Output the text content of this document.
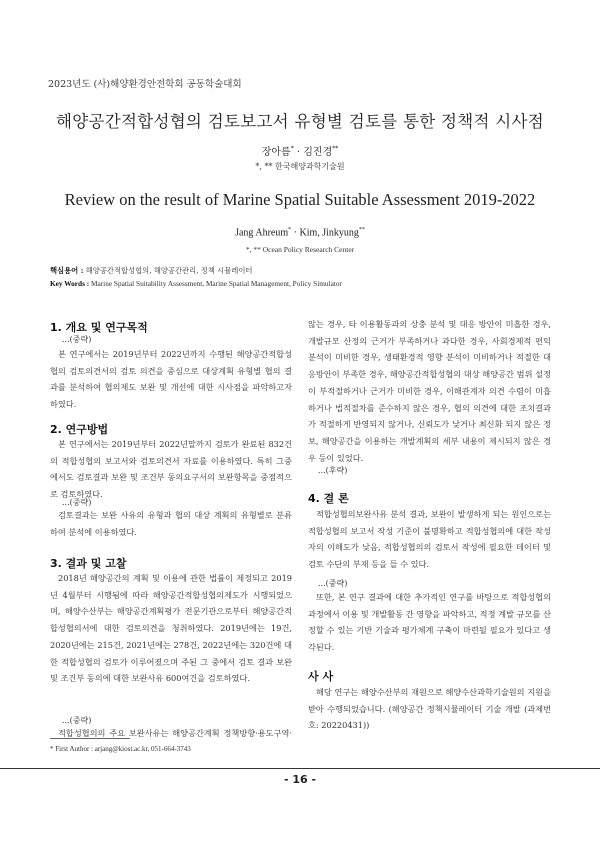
2023년도 (사)해양환경안전학회 공동학술대회
해양공간적합성협의 검토보고서 유형별 검토를 통한 정책적 시사점
장아름* · 김진경**
*, ** 한국해양과학기술원
Review on the result of Marine Spatial Suitable Assessment 2019-2022
Jang Ahreum* · Kim, Jinkyung**
*, ** Ocean Policy Research Center
핵심용어 : 해양공간적합성협의, 해양공간관리, 정책 시뮬레이터
Key Words : Marine Spatial Suitability Assessment, Marine Spatial Management, Policy Simulator
1. 개요 및 연구목적
...(중략)
본 연구에서는 2019년부터 2022년까지 수행된 해양공간적합성협의 검토의견서의 검토 의견을 중심으로 대상계획 유형별 협의 결과를 분석하여 협의제도 보완 및 개선에 대한 시사점을 파악하고자 하였다.
2. 연구방법
본 연구에서는 2019년부터 2022년말까지 검토가 완료된 832건의 적합성협의 보고서와 검토의견서 자료를 이용하였다. 특히 그중에서도 검토결과 보완 및 조건부 동의요구서의 보완항목을 중점적으로 검토하였다.
...(중략)
검토결과는 보완 사유의 유형과 협의 대상 계획의 유형별로 분류하여 분석에 이용하였다.
3. 결과 및 고찰
2018년 해양공간의 계획 및 이용에 관한 법률이 제정되고 2019년 4월부터 시행됨에 따라 해양공간적합성협의제도가 시행되었으며, 해양수산부는 해양공간계획평가 전문기관으로부터 해양공간적합성협의서에 대한 검토의견을 청취하였다. 2019년에는 19건, 2020년에는 215건, 2021년에는 278건, 2022년에는 320건에 대한 적합성협의 검토가 이루어졌으며 주된 그 중에서 검토 결과 보완 및 조건부 동의에 대한 보완사유 600여건을 검토하였다.
...(중략)
적합성협의의 주요 보완사유는 해양공간계획 정책방향·용도구역·
않는 경우, 타 이용활동과의 상충 분석 및 대응 방안이 미흡한 경우, 개발규모 산정의 근거가 부족하거나 과다한 경우, 사회경제적 편익 분석이 미비한 경우, 생태환경적 영향 분석이 미비하거나 적절한 대응방안이 부족한 경우, 해양공간적합성협의 대상 해양공간 범위 설정이 부적절하거나 근거가 미비한 경우, 이해관계자 의견 수렴이 미흡하거나 법적절차를 준수하지 않은 경우, 협의 의견에 대한 조치결과가 적절하게 반영되지 않거나, 신뢰도가 낮거나 최신화 되지 않은 정보, 해양공간을 이용하는 개발계획의 세부 내용이 제시되지 않은 경우 등이 있었다.
...(후략)
4. 결 론
적합성협의보완사유 분석 결과, 보완이 발생하게 되는 원인으로는 적합성협의 보고서 작성 기준이 불명확하고 적합성협의에 대한 작성자의 이해도가 낮음, 적합성협의의 검토서 작성에 필요한 데이터 및 검토 수단의 부재 등을 들 수 있다.
...(중략)
또한, 본 연구 결과에 대한 추가적인 연구를 바탕으로 적합성협의 과정에서 이용 및 개발활동 간 영향을 파악하고, 적정 계발 규모를 산정할 수 있는 기반 기술과 평가체계 구축이 마련될 필요가 있다고 생각된다.
사 사
해당 연구는 해양수산부의 재원으로 해양수산과학기술원의 지원을 받아 수행되었습니다. (해양공간 정책시뮬레이터 기술 개발 (과제번호: 20220431))
* First Author : arjang@kiost.ac.kr, 051-664-3743
- 16 -
